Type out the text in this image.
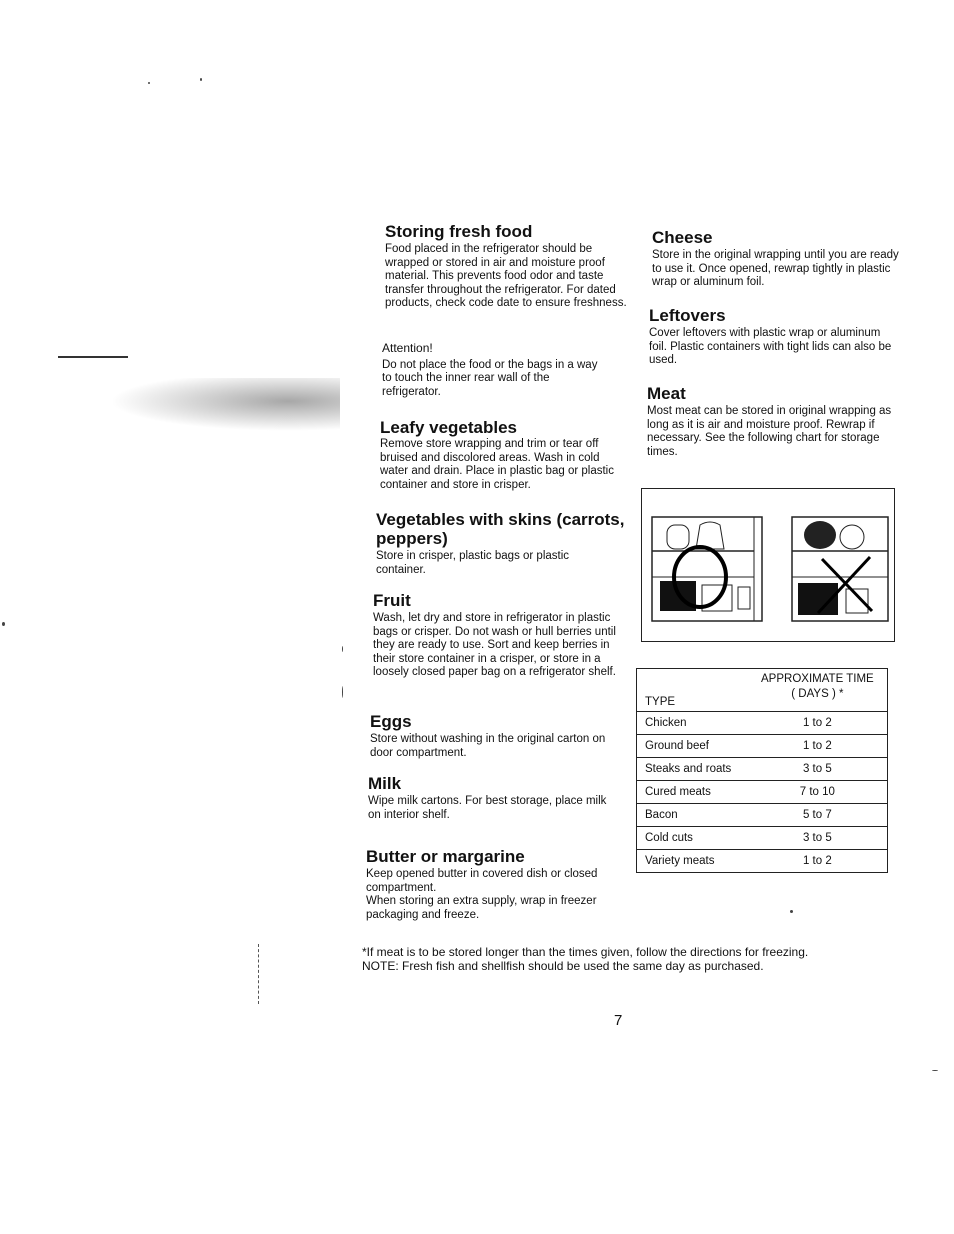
Storing fresh food

Food placed in the refrigerator should be wrapped or stored in air and moisture proof material. This prevents food odor and taste transfer throughout the refrigerator. For dated products, check code date to ensure freshness.

Attention!

Do not place the food or the bags in a way to touch the inner rear wall of the refrigerator.

Leafy vegetables

Remove store wrapping and trim or tear off bruised and discolored areas. Wash in cold water and drain. Place in plastic bag or plastic container and store in crisper.

Vegetables with skins (carrots, peppers)

Store in crisper, plastic bags or plastic container.

Fruit

Wash, let dry and store in refrigerator in plastic bags or crisper. Do not wash or hull berries until they are ready to use. Sort and keep berries in their store container in a crisper, or store in a loosely closed paper bag on a refrigerator shelf.

Eggs

Store without washing in the original carton on door compartment.

Milk

Wipe milk cartons. For best storage, place milk on interior shelf.

Butter or margarine

Keep opened butter in covered dish or closed compartment.

When storing an extra supply, wrap in freezer packaging and freeze.

Cheese

Store in the original wrapping until you are ready to use it. Once opened, rewrap tightly in plastic wrap or aluminum foil.

Leftovers

Cover leftovers with plastic wrap or aluminum foil. Plastic containers with tight lids can also be used.

Meat

Most meat can be stored in original wrapping as long as it is air and moisture proof. Rewrap if necessary. See the following chart for storage times.

TYPE	APPROXIMATE TIME
( DAYS ) *
Chicken	1 to 2
Ground beef	1 to 2
Steaks and roats	3 to 5
Cured meats	7 to 10
Bacon	5 to 7
Cold cuts	3 to 5
Variety meats	1 to 2

*If meat is to be stored longer than the times given, follow the directions for freezing.

NOTE: Fresh fish and shellfish should be used the same day as purchased.

7
